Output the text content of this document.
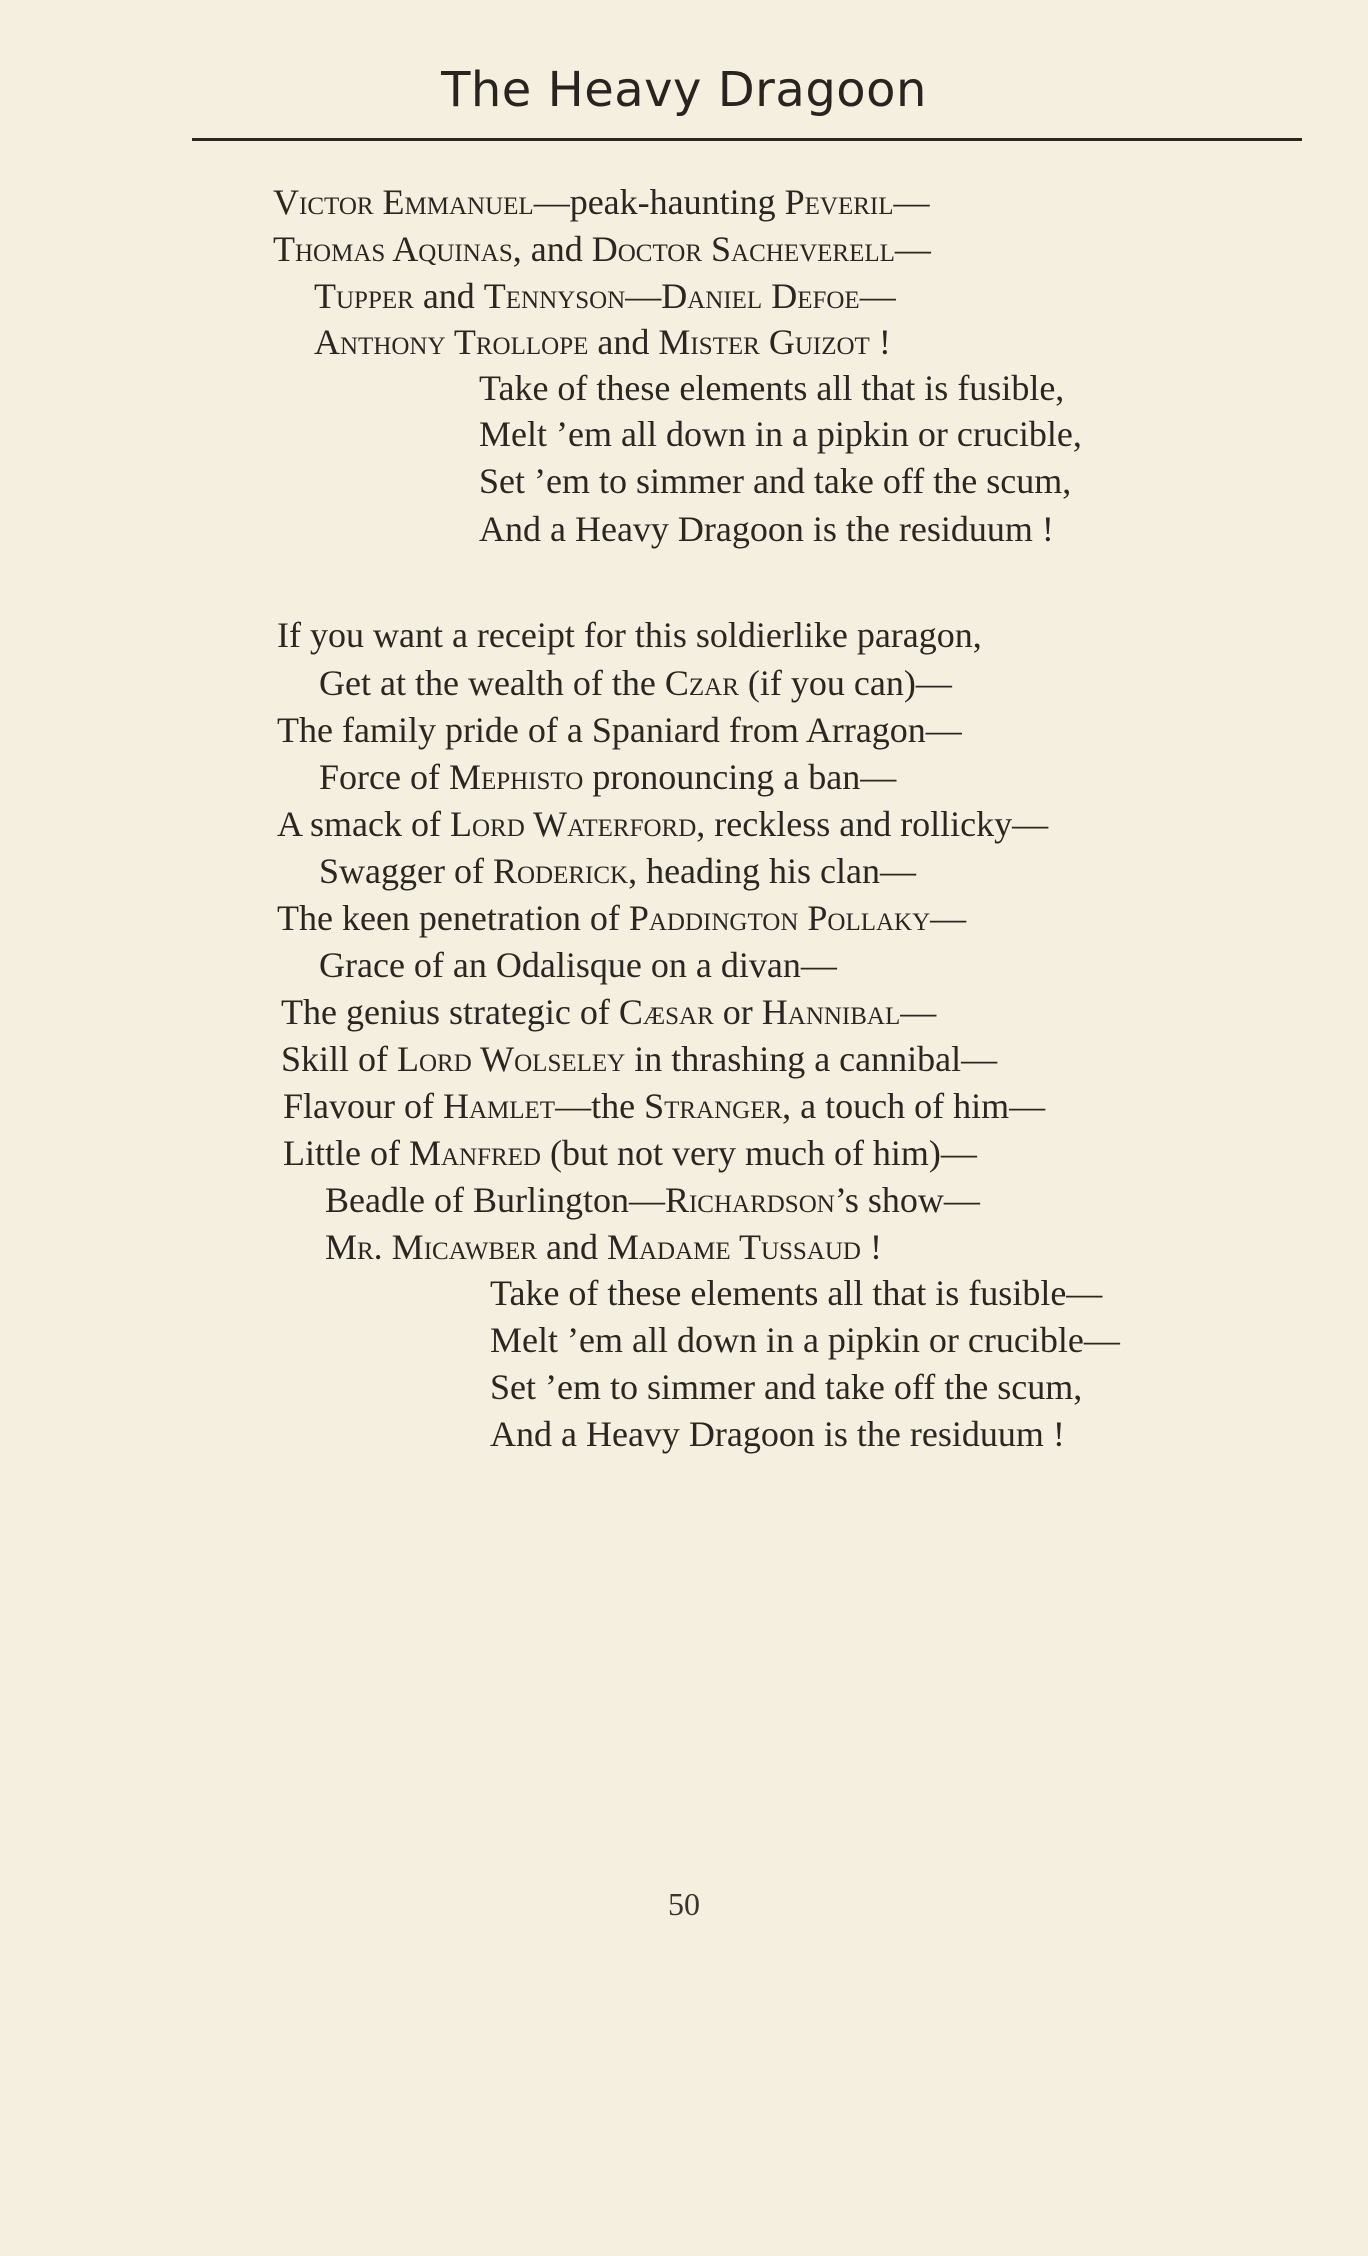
The Heavy Dragoon
Victor Emmanuel—peak-haunting Peveril—
Thomas Aquinas, and Doctor Sacheverell—
Tupper and Tennyson—Daniel Defoe—
Anthony Trollope and Mister Guizot !
Take of these elements all that is fusible,
Melt ’em all down in a pipkin or crucible,
Set ’em to simmer and take off the scum,
And a Heavy Dragoon is the residuum !
If you want a receipt for this soldierlike paragon,
Get at the wealth of the Czar (if you can)—
The family pride of a Spaniard from Arragon—
Force of Mephisto pronouncing a ban—
A smack of Lord Waterford, reckless and rollicky—
Swagger of Roderick, heading his clan—
The keen penetration of Paddington Pollaky—
Grace of an Odalisque on a divan—
The genius strategic of Cæsar or Hannibal—
Skill of Lord Wolseley in thrashing a cannibal—
Flavour of Hamlet—the Stranger, a touch of him—
Little of Manfred (but not very much of him)—
Beadle of Burlington—Richardson’s show—
Mr. Micawber and Madame Tussaud !
Take of these elements all that is fusible—
Melt ’em all down in a pipkin or crucible—
Set ’em to simmer and take off the scum,
And a Heavy Dragoon is the residuum !
50
